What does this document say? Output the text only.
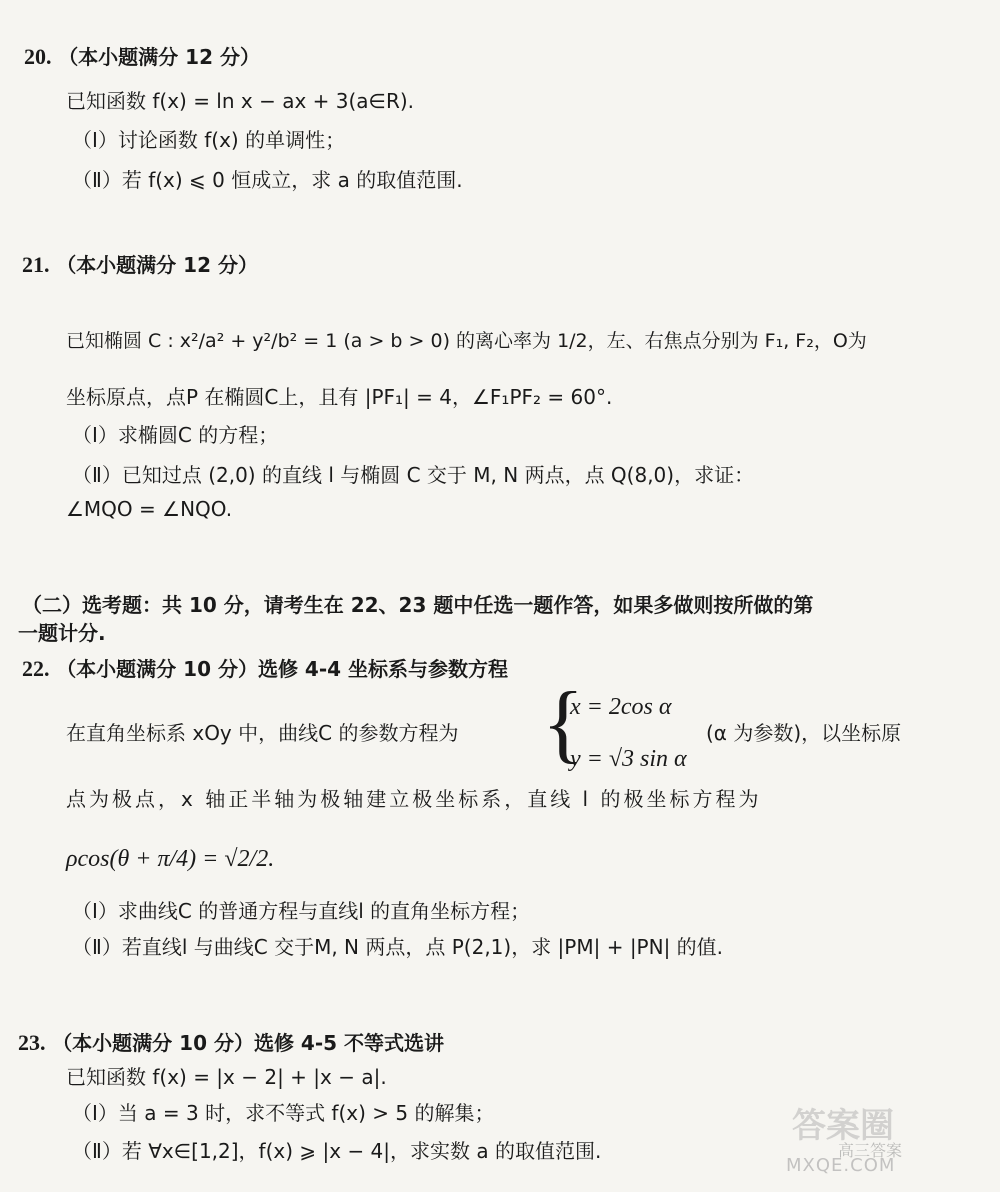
20. （本小题满分 12 分）
已知函数 f(x) = ln x − ax + 3(a∈R).
（Ⅰ）讨论函数 f(x) 的单调性；
（Ⅱ）若 f(x) ⩽ 0 恒成立，求 a 的取值范围.
21. （本小题满分 12 分）
已知椭圆 C : x²/a² + y²/b² = 1 (a > b > 0) 的离心率为 1/2，左、右焦点分别为 F₁, F₂，O为
坐标原点，点P 在椭圆C上，且有 |PF₁| = 4，∠F₁PF₂ = 60°.
（Ⅰ）求椭圆C 的方程；
（Ⅱ）已知过点 (2,0) 的直线 l 与椭圆 C 交于 M, N 两点，点 Q(8,0)，求证：
∠MQO = ∠NQO.
（二）选考题：共 10 分，请考生在 22、23 题中任选一题作答，如果多做则按所做的第
一题计分.
22. （本小题满分 10 分）选修 4-4 坐标系与参数方程
在直角坐标系 xOy 中，曲线C 的参数方程为 {
x = 2cos α
y = √3 sin α
(α 为参数)，以坐标原
点为极点，x 轴正半轴为极轴建立极坐标系，直线 l 的极坐标方程为
ρcos(θ + π/4) = √2/2.
（Ⅰ）求曲线C 的普通方程与直线l 的直角坐标方程；
（Ⅱ）若直线l 与曲线C 交于M, N 两点，点 P(2,1)，求 |PM| + |PN| 的值.
23. （本小题满分 10 分）选修 4-5 不等式选讲
已知函数 f(x) = |x − 2| + |x − a|.
（Ⅰ）当 a = 3 时，求不等式 f(x) > 5 的解集；
（Ⅱ）若 ∀x∈[1,2]，f(x) ⩾ |x − 4|，求实数 a 的取值范围.
答案圈
高三答案
MXQE.COM
